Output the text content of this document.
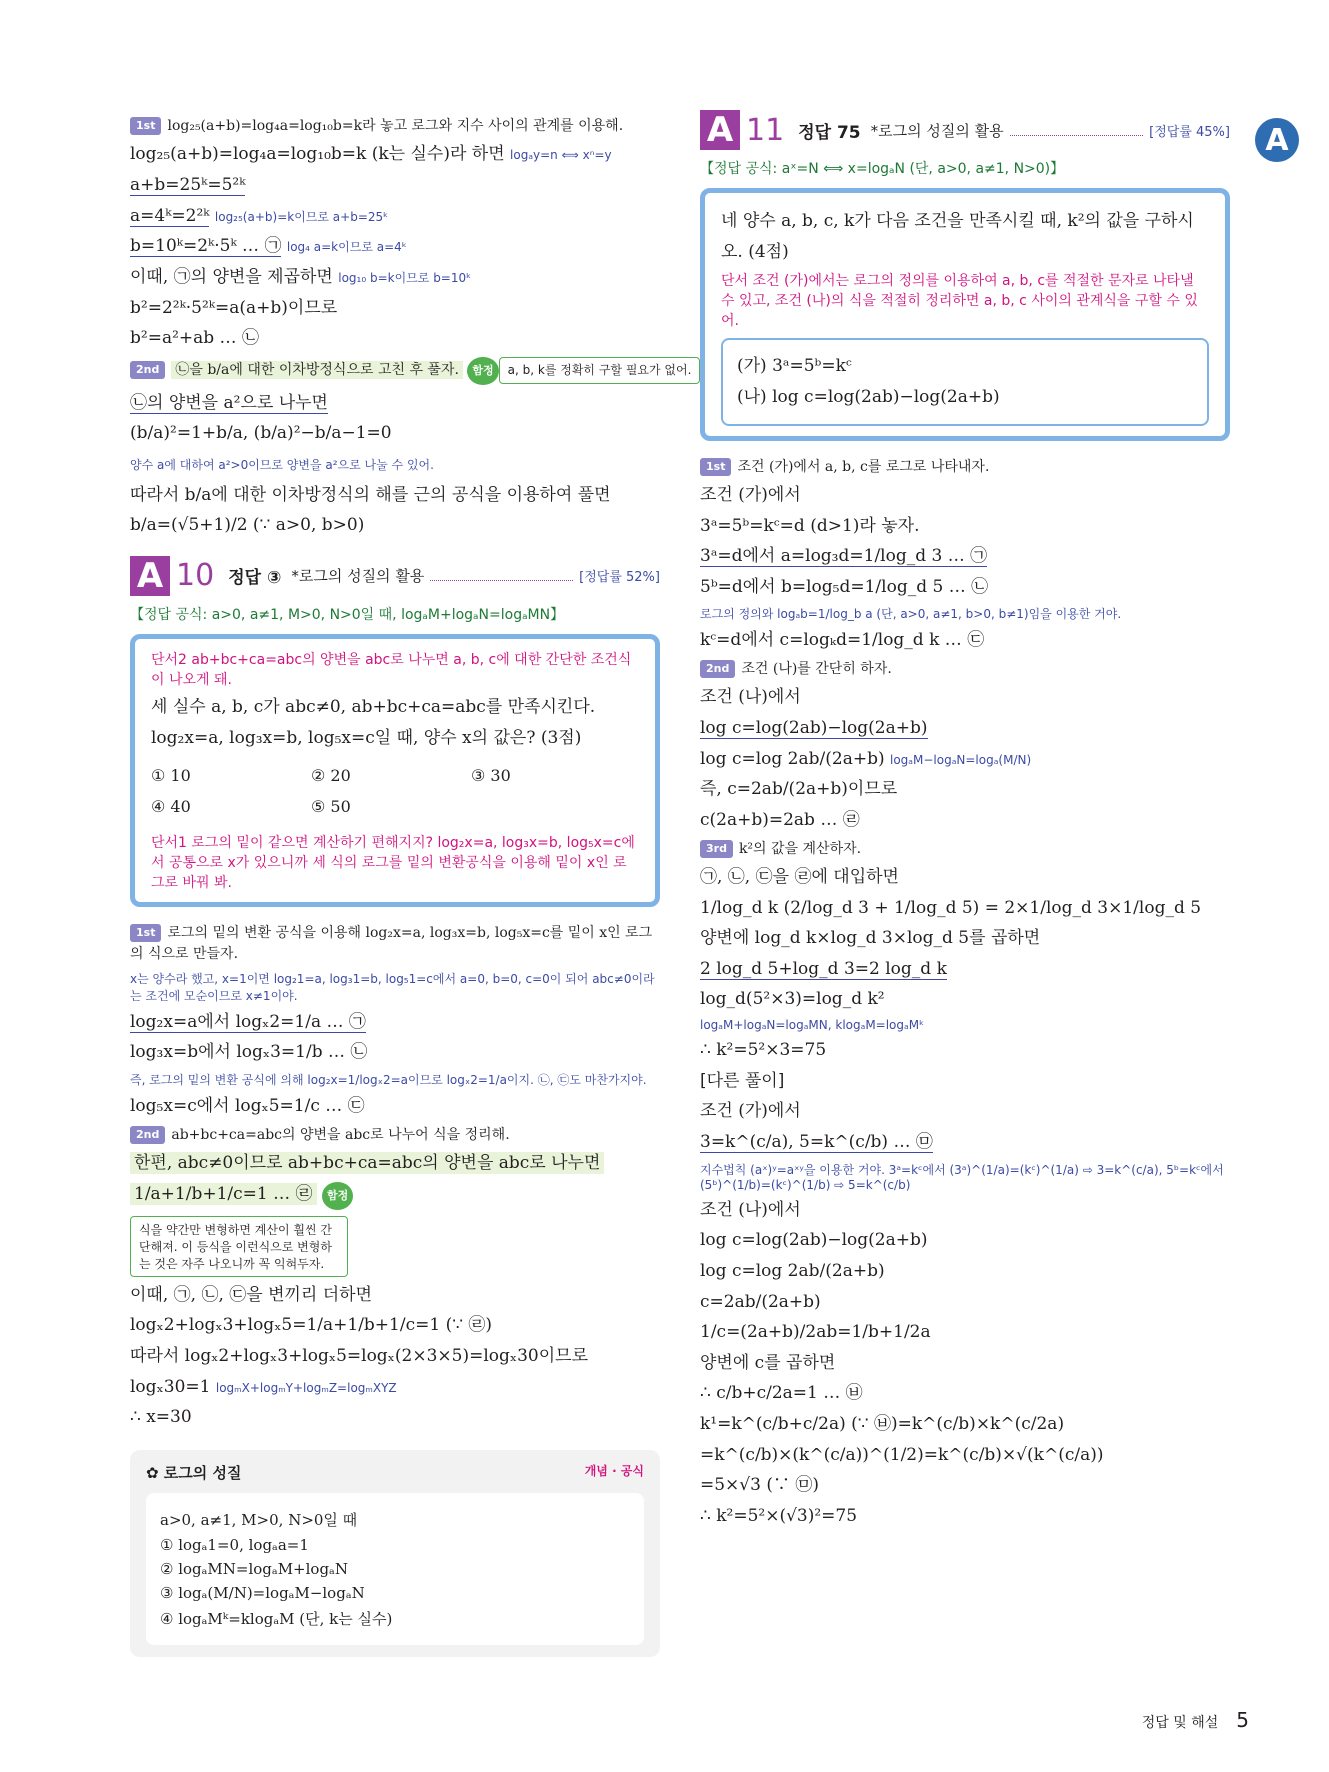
A
1st log₂₅(a+b)=log₄a=log₁₀b=k라 놓고 로그와 지수 사이의 관계를 이용해.
log₂₅(a+b)=log₄a=log₁₀b=k (k는 실수)라 하면 logₐy=n ⟺ xⁿ=y
a+b=25ᵏ=5²ᵏ
a=4ᵏ=2²ᵏ log₂₅(a+b)=k이므로 a+b=25ᵏ
b=10ᵏ=2ᵏ·5ᵏ … ㉠ log₄ a=k이므로 a=4ᵏ
이때, ㉠의 양변을 제곱하면 log₁₀ b=k이므로 b=10ᵏ
b²=2²ᵏ·5²ᵏ=a(a+b)이므로
b²=a²+ab … ㉡
2nd ㉡을 b/a에 대한 이차방정식으로 고친 후 풀자. 함정 a, b, k를 정확히 구할 필요가 없어.
㉡의 양변을 a²으로 나누면
(b/a)²=1+b/a, (b/a)²−b/a−1=0
양수 a에 대하여 a²>0이므로 양변을 a²으로 나눌 수 있어.
따라서 b/a에 대한 이차방정식의 해를 근의 공식을 이용하여 풀면
b/a=(√5+1)/2 (∵ a>0, b>0)
A 10 정답 ③ *로그의 성질의 활용	[정답률 52%]
【정답 공식: a>0, a≠1, M>0, N>0일 때, logₐM+logₐN=logₐMN】
단서2 ab+bc+ca=abc의 양변을 abc로 나누면 a, b, c에 대한 간단한 조건식이 나오게 돼.
세 실수 a, b, c가 abc≠0, ab+bc+ca=abc를 만족시킨다.
log₂x=a, log₃x=b, log₅x=c일 때, 양수 x의 값은? (3점)
① 10	② 20	③ 30
④ 40	⑤ 50
단서1 로그의 밑이 같으면 계산하기 편해지지? log₂x=a, log₃x=b, log₅x=c에서 공통으로 x가 있으니까 세 식의 로그를 밑의 변환공식을 이용해 밑이 x인 로그로 바꿔 봐.
1st 로그의 밑의 변환 공식을 이용해 log₂x=a, log₃x=b, log₅x=c를 밑이 x인 로그의 식으로 만들자.
x는 양수라 했고, x=1이면 log₂1=a, log₃1=b, log₅1=c에서 a=0, b=0, c=0이 되어 abc≠0이라는 조건에 모순이므로 x≠1이야.
log₂x=a에서 logₓ2=1/a … ㉠
log₃x=b에서 logₓ3=1/b … ㉡
즉, 로그의 밑의 변환 공식에 의해 log₂x=1/logₓ2=a이므로 logₓ2=1/a이지. ㉡, ㉢도 마찬가지야.
log₅x=c에서 logₓ5=1/c … ㉢
2nd ab+bc+ca=abc의 양변을 abc로 나누어 식을 정리해.
한편, abc≠0이므로 ab+bc+ca=abc의 양변을 abc로 나누면
1/a+1/b+1/c=1 … ㉣ 함정
식을 약간만 변형하면 계산이 훨씬 간단해져. 이 등식을 이런식으로 변형하는 것은 자주 나오니까 꼭 익혀두자.
이때, ㉠, ㉡, ㉢을 변끼리 더하면
logₓ2+logₓ3+logₓ5=1/a+1/b+1/c=1 (∵ ㉣)
따라서 logₓ2+logₓ3+logₓ5=logₓ(2×3×5)=logₓ30이므로
logₓ30=1 logₘX+logₘY+logₘZ=logₘXYZ
∴ x=30
✿ 로그의 성질	개념 · 공식
a>0, a≠1, M>0, N>0일 때
① logₐ1=0, logₐa=1
② logₐMN=logₐM+logₐN
③ logₐ(M/N)=logₐM−logₐN
④ logₐMᵏ=klogₐM (단, k는 실수)
A 11 정답 75 *로그의 성질의 활용	[정답률 45%]
【정답 공식: aˣ=N ⟺ x=logₐN (단, a>0, a≠1, N>0)】
네 양수 a, b, c, k가 다음 조건을 만족시킬 때, k²의 값을 구하시
오. (4점)
단서 조건 (가)에서는 로그의 정의를 이용하여 a, b, c를 적절한 문자로 나타낼 수 있고, 조건 (나)의 식을 적절히 정리하면 a, b, c 사이의 관계식을 구할 수 있어.
(가) 3ᵃ=5ᵇ=kᶜ
(나) log c=log(2ab)−log(2a+b)
1st 조건 (가)에서 a, b, c를 로그로 나타내자.
조건 (가)에서
3ᵃ=5ᵇ=kᶜ=d (d>1)라 놓자.
3ᵃ=d에서 a=log₃d=1/log_d 3 … ㉠
5ᵇ=d에서 b=log₅d=1/log_d 5 … ㉡
로그의 정의와 logₐb=1/log_b a (단, a>0, a≠1, b>0, b≠1)임을 이용한 거야.
kᶜ=d에서 c=logₖd=1/log_d k … ㉢
2nd 조건 (나)를 간단히 하자.
조건 (나)에서
log c=log(2ab)−log(2a+b)
log c=log 2ab/(2a+b) logₐM−logₐN=logₐ(M/N)
즉, c=2ab/(2a+b)이므로
c(2a+b)=2ab … ㉣
3rd k²의 값을 계산하자.
㉠, ㉡, ㉢을 ㉣에 대입하면
1/log_d k (2/log_d 3 + 1/log_d 5) = 2×1/log_d 3×1/log_d 5
양변에 log_d k×log_d 3×log_d 5를 곱하면
2 log_d 5+log_d 3=2 log_d k
log_d(5²×3)=log_d k²
logₐM+logₐN=logₐMN, klogₐM=logₐMᵏ
∴ k²=5²×3=75
[다른 풀이]
조건 (가)에서
3=k^(c/a), 5=k^(c/b) … ㉤
지수법칙 (aˣ)ʸ=aˣʸ을 이용한 거야. 3ᵃ=kᶜ에서 (3ᵃ)^(1/a)=(kᶜ)^(1/a) ⇨ 3=k^(c/a), 5ᵇ=kᶜ에서 (5ᵇ)^(1/b)=(kᶜ)^(1/b) ⇨ 5=k^(c/b)
조건 (나)에서
log c=log(2ab)−log(2a+b)
log c=log 2ab/(2a+b)
c=2ab/(2a+b)
1/c=(2a+b)/2ab=1/b+1/2a
양변에 c를 곱하면
∴ c/b+c/2a=1 … ㉥
k¹=k^(c/b+c/2a) (∵ ㉥)=k^(c/b)×k^(c/2a)
=k^(c/b)×(k^(c/a))^(1/2)=k^(c/b)×√(k^(c/a))
=5×√3 (∵ ㉤)
∴ k²=5²×(√3)²=75
정답 및 해설 5
